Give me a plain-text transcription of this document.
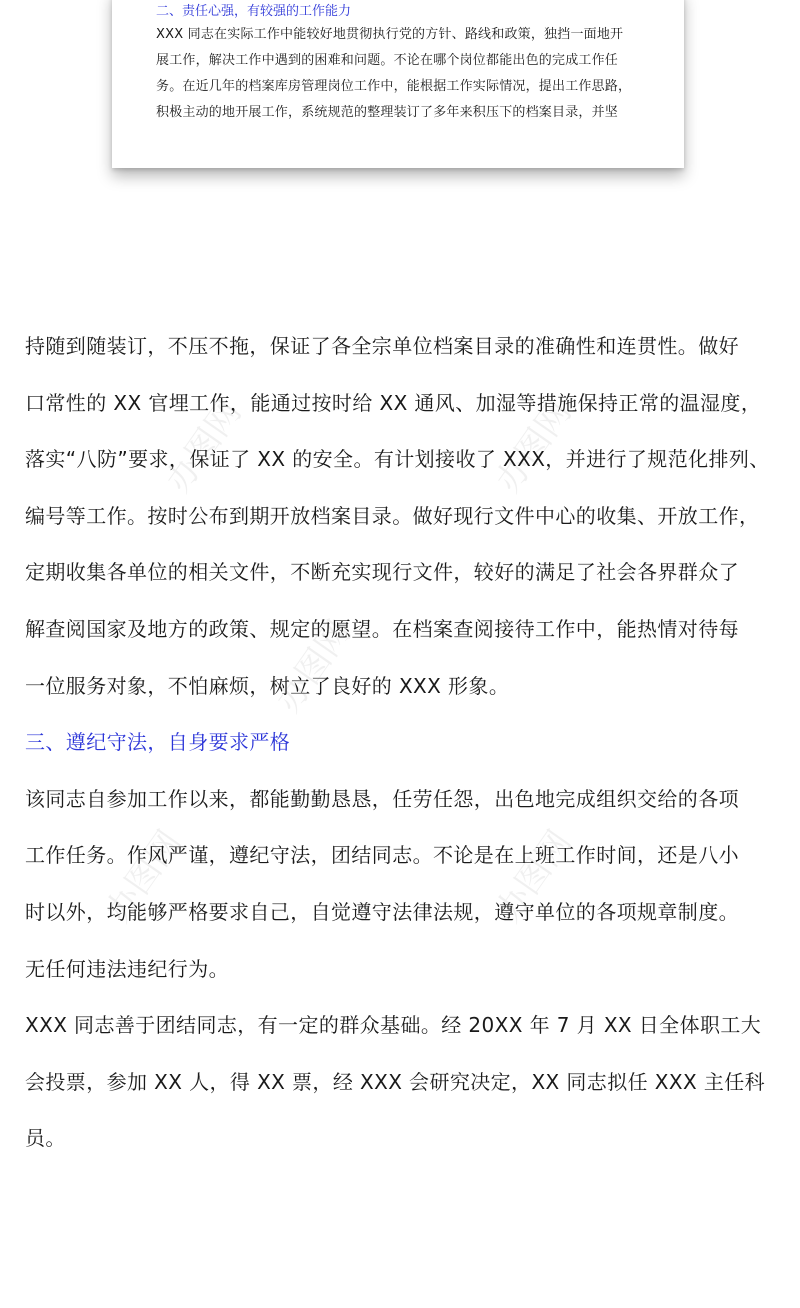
办图网	办图网
办图网
办图网	办图网
二、责任心强，有较强的工作能力
XXX 同志在实际工作中能较好地贯彻执行党的方针、路线和政策，独挡一面地开
展工作，解决工作中遇到的困难和问题。不论在哪个岗位都能出色的完成工作任
务。在近几年的档案库房管理岗位工作中，能根据工作实际情况，提出工作思路，
积极主动的地开展工作，系统规范的整理装订了多年来积压下的档案目录，并坚
持随到随装订，不压不拖，保证了各全宗单位档案目录的准确性和连贯性。做好
口常性的 XX 官埋工作，能通过按时给 XX 通风、加湿等措施保持正常的温湿度，
落实“八防”要求，保证了 XX 的安全。有计划接收了 XXX，并进行了规范化排列、
编号等工作。按时公布到期开放档案目录。做好现行文件中心的收集、开放工作，
定期收集各单位的相关文件，不断充实现行文件，较好的满足了社会各界群众了
解查阅国家及地方的政策、规定的愿望。在档案查阅接待工作中，能热情对待每
一位服务对象，不怕麻烦，树立了良好的 XXX 形象。
三、遵纪守法，自身要求严格
该同志自参加工作以来，都能勤勤恳恳，任劳任怨，出色地完成组织交给的各项
工作任务。作风严谨，遵纪守法，团结同志。不论是在上班工作时间，还是八小
时以外，均能够严格要求自己，自觉遵守法律法规，遵守单位的各项规章制度。
无任何违法违纪行为。
XXX 同志善于团结同志，有一定的群众基础。经 20XX 年 7 月 XX 日全体职工大
会投票，参加 XX 人，得 XX 票，经 XXX 会研究决定，XX 同志拟任 XXX 主任科
员。
